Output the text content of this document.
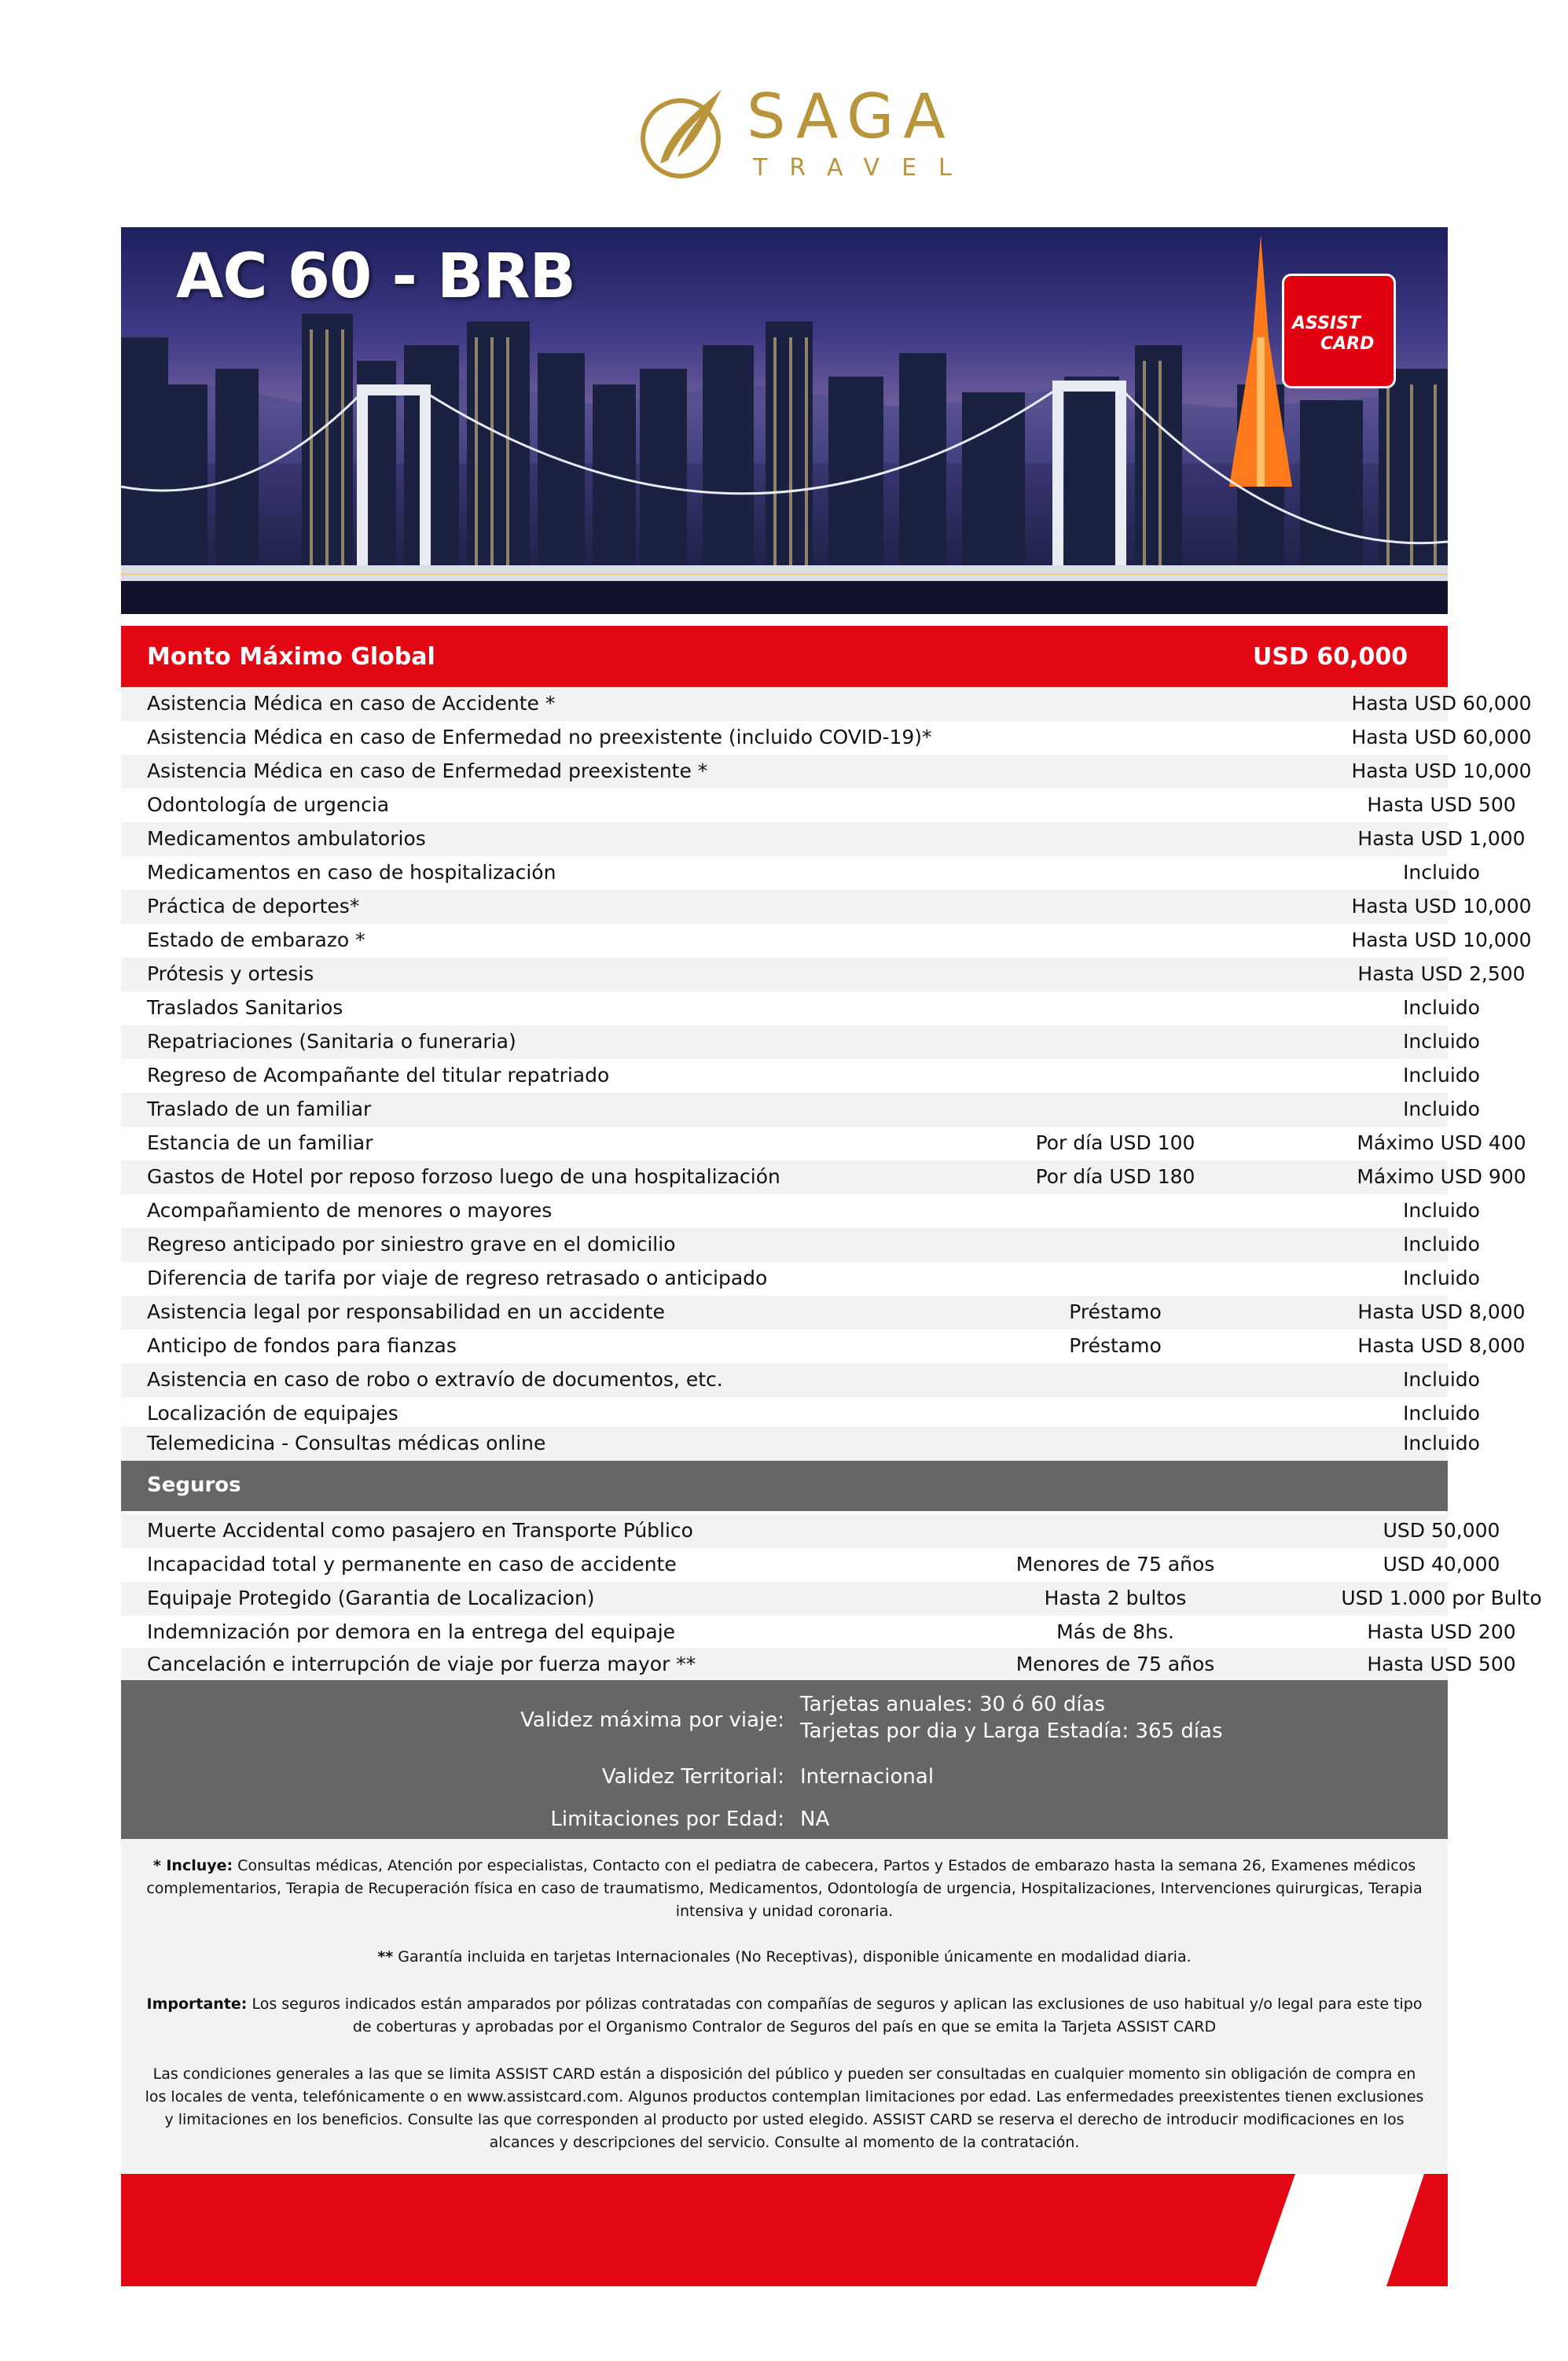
SAGA
TRAVEL
AC 60 - BRB
ASSIST
CARD
Monto Máximo Global	USD 60,000
Asistencia Médica en caso de Accidente *	Hasta USD 60,000
Asistencia Médica en caso de Enfermedad no preexistente (incluido COVID-19)*	Hasta USD 60,000
Asistencia Médica en caso de Enfermedad preexistente *	Hasta USD 10,000
Odontología de urgencia	Hasta USD 500
Medicamentos ambulatorios	Hasta USD 1,000
Medicamentos en caso de hospitalización	Incluido
Práctica de deportes*	Hasta USD 10,000
Estado de embarazo *	Hasta USD 10,000
Prótesis y ortesis	Hasta USD 2,500
Traslados Sanitarios	Incluido
Repatriaciones (Sanitaria o funeraria)	Incluido
Regreso de Acompañante del titular repatriado	Incluido
Traslado de un familiar	Incluido
Estancia de un familiar	Por día USD 100	Máximo USD 400
Gastos de Hotel por reposo forzoso luego de una hospitalización	Por día USD 180	Máximo USD 900
Acompañamiento de menores o mayores	Incluido
Regreso anticipado por siniestro grave en el domicilio	Incluido
Diferencia de tarifa por viaje de regreso retrasado o anticipado	Incluido
Asistencia legal por responsabilidad en un accidente	Préstamo	Hasta USD 8,000
Anticipo de fondos para fianzas	Préstamo	Hasta USD 8,000
Asistencia en caso de robo o extravío de documentos, etc.	Incluido
Localización de equipajes	Incluido
Telemedicina - Consultas médicas online	Incluido
Seguros
Muerte Accidental como pasajero en Transporte Público	USD 50,000
Incapacidad total y permanente en caso de accidente	Menores de 75 años	USD 40,000
Equipaje Protegido (Garantia de Localizacion)	Hasta 2 bultos	USD 1.000 por Bulto
Indemnización por demora en la entrega del equipaje	Más de 8hs.	Hasta USD 200
Cancelación e interrupción de viaje por fuerza mayor **	Menores de 75 años	Hasta USD 500
Validez máxima por viaje:
Tarjetas anuales: 30 ó 60 días
Tarjetas por dia y Larga Estadía: 365 días
Validez Territorial: Internacional
Limitaciones por Edad: NA

* Incluye: Consultas médicas, Atención por especialistas, Contacto con el pediatra de cabecera, Partos y Estados de embarazo hasta la semana 26, Examenes médicos complementarios, Terapia de Recuperación física en caso de traumatismo, Medicamentos, Odontología de urgencia, Hospitalizaciones, Intervenciones quirurgicas, Terapia intensiva y unidad coronaria.

** Garantía incluida en tarjetas Internacionales (No Receptivas), disponible únicamente en modalidad diaria.

Importante: Los seguros indicados están amparados por pólizas contratadas con compañías de seguros y aplican las exclusiones de uso habitual y/o legal para este tipo de coberturas y aprobadas por el Organismo Contralor de Seguros del país en que se emita la Tarjeta ASSIST CARD

Las condiciones generales a las que se limita ASSIST CARD están a disposición del público y pueden ser consultadas en cualquier momento sin obligación de compra en los locales de venta, telefónicamente o en www.assistcard.com. Algunos productos contemplan limitaciones por edad. Las enfermedades preexistentes tienen exclusiones y limitaciones en los beneficios. Consulte las que corresponden al producto por usted elegido. ASSIST CARD se reserva el derecho de introducir modificaciones en los alcances y descripciones del servicio. Consulte al momento de la contratación.
